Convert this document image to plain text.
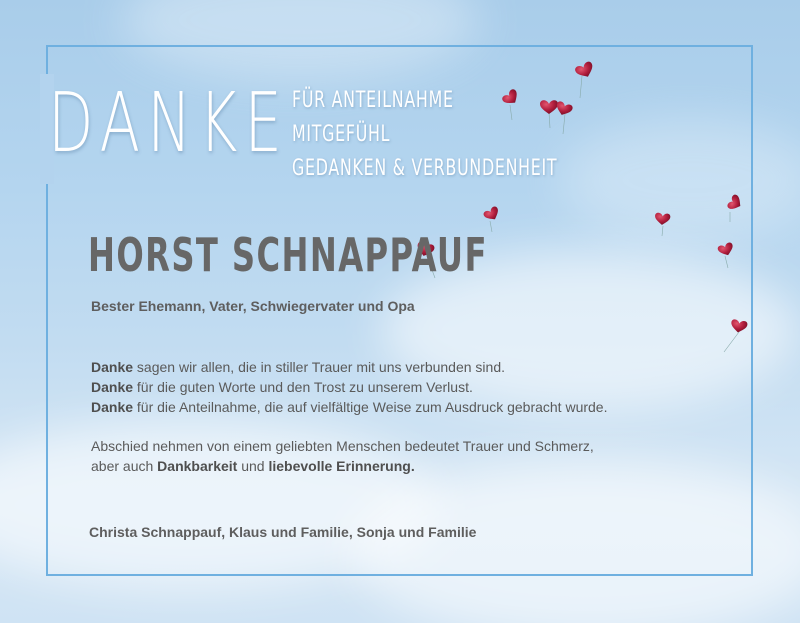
DANKE FÜR ANTEILNAHME

MITGEFÜHL

GEDANKEN & VERBUNDENHEIT

HORST SCHNAPPAUF

Bester Ehemann, Vater, Schwiegervater und Opa

Danke sagen wir allen, die in stiller Trauer mit uns verbunden sind.

Danke für die guten Worte und den Trost zu unserem Verlust.

Danke für die Anteilnahme, die auf vielfältige Weise zum Ausdruck gebracht wurde.

Abschied nehmen von einem geliebten Menschen bedeutet Trauer und Schmerz,

aber auch Dankbarkeit und liebevolle Erinnerung.

Christa Schnappauf, Klaus und Familie, Sonja und Familie
